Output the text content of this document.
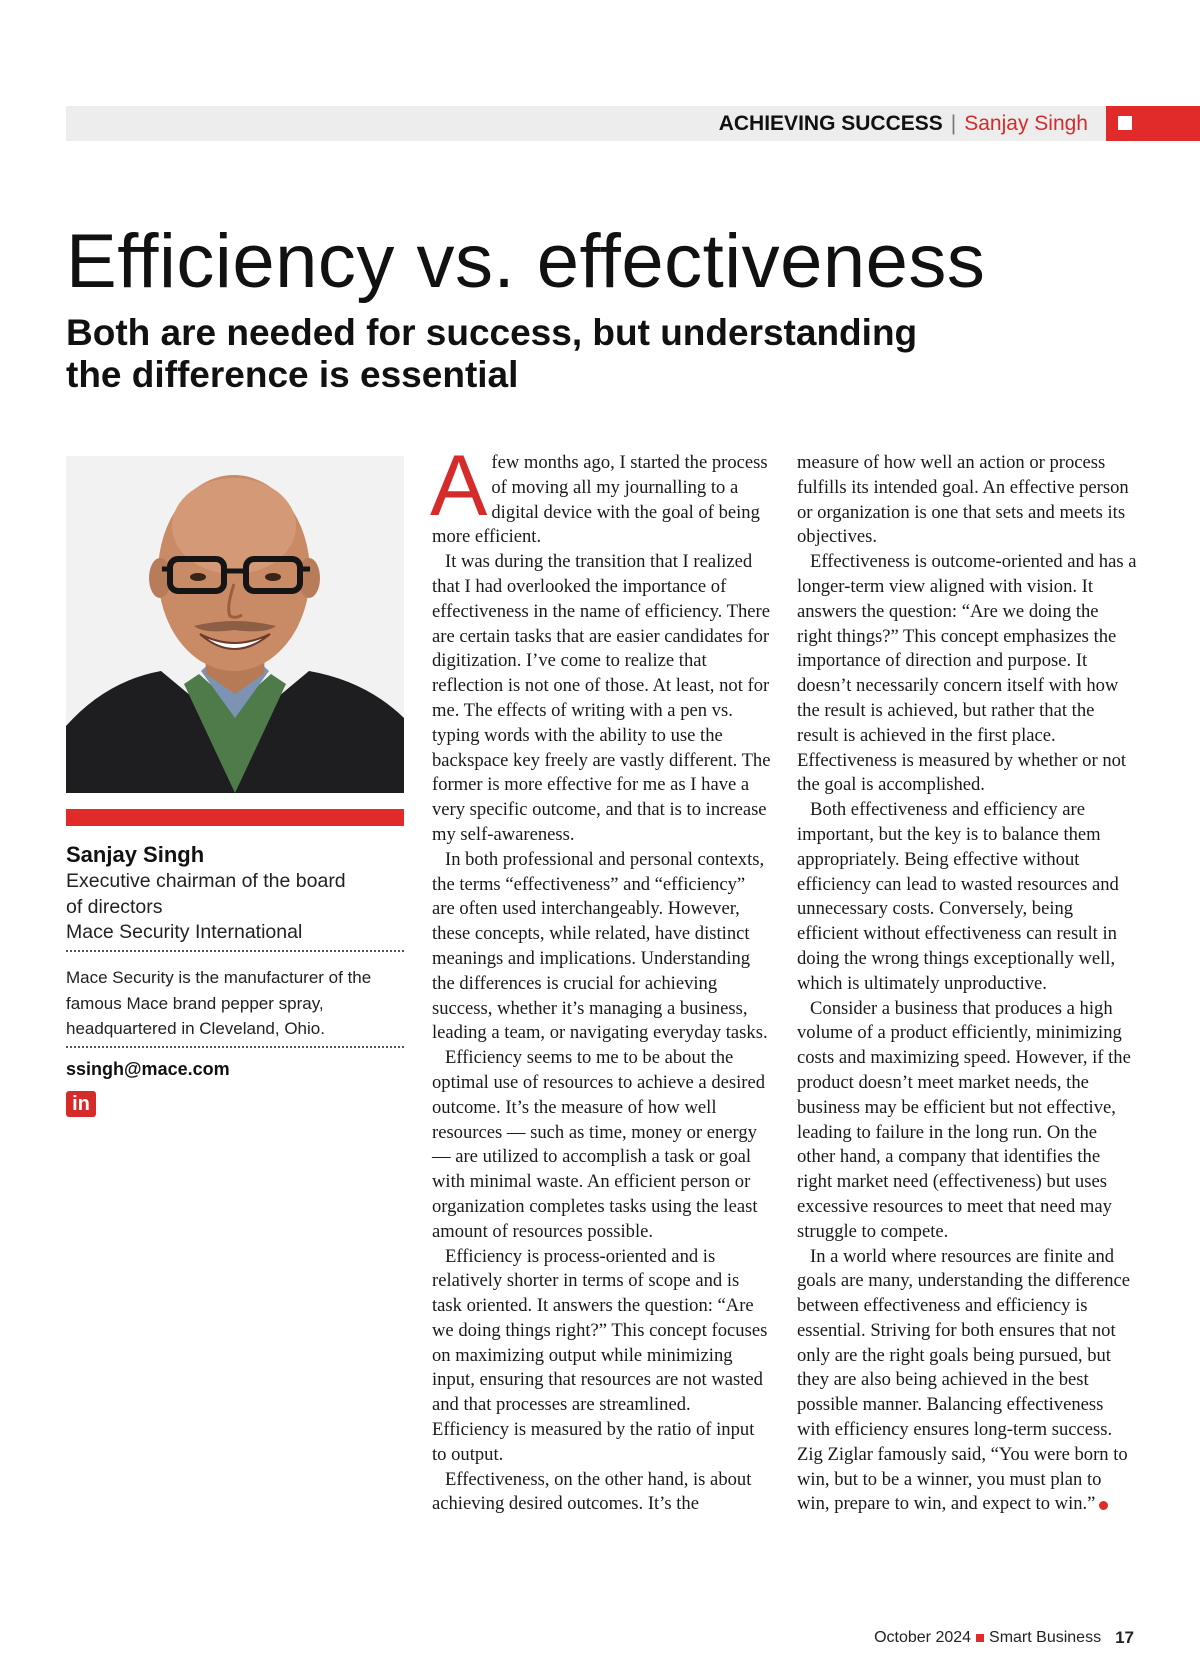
ACHIEVING SUCCESS | Sanjay Singh
Efficiency vs. effectiveness
Both are needed for success, but understanding the difference is essential
Sanjay Singh
Executive chairman of the board
of directors
Mace Security International
Mace Security is the manufacturer of the famous Mace brand pepper spray, headquartered in Cleveland, Ohio.
ssingh@mace.com
in

Afew months ago, I started the process of moving all my journalling to a digital device with the goal of being more efficient.

It was during the transition that I realized that I had overlooked the importance of effectiveness in the name of efficiency. There are certain tasks that are easier candidates for digitization. I’ve come to realize that reflection is not one of those. At least, not for me. The effects of writing with a pen vs. typing words with the ability to use the backspace key freely are vastly different. The former is more effective for me as I have a very specific outcome, and that is to increase my self-awareness.

In both professional and personal contexts, the terms “effectiveness” and “efficiency” are often used interchangeably. However, these concepts, while related, have distinct meanings and implications. Understanding the differences is crucial for achieving success, whether it’s managing a business, leading a team, or navigating everyday tasks.

Efficiency seems to me to be about the optimal use of resources to achieve a desired outcome. It’s the measure of how well resources — such as time, money or energy — are utilized to accomplish a task or goal with minimal waste. An efficient person or organization completes tasks using the least amount of resources possible.

Efficiency is process-oriented and is relatively shorter in terms of scope and is task oriented. It answers the question: “Are we doing things right?” This concept focuses on maximizing output while minimizing input, ensuring that resources are not wasted and that processes are streamlined. Efficiency is measured by the ratio of input to output.

Effectiveness, on the other hand, is about achieving desired outcomes. It’s the

measure of how well an action or process fulfills its intended goal. An effective person or organization is one that sets and meets its objectives.

Effectiveness is outcome-oriented and has a longer-term view aligned with vision. It answers the question: “Are we doing the right things?” This concept emphasizes the importance of direction and purpose. It doesn’t necessarily concern itself with how the result is achieved, but rather that the result is achieved in the first place. Effectiveness is measured by whether or not the goal is accomplished.

Both effectiveness and efficiency are important, but the key is to balance them appropriately. Being effective without efficiency can lead to wasted resources and unnecessary costs. Conversely, being efficient without effectiveness can result in doing the wrong things exceptionally well, which is ultimately unproductive.

Consider a business that produces a high volume of a product efficiently, minimizing costs and maximizing speed. However, if the product doesn’t meet market needs, the business may be efficient but not effective, leading to failure in the long run. On the other hand, a company that identifies the right market need (effectiveness) but uses excessive resources to meet that need may struggle to compete.

In a world where resources are finite and goals are many, understanding the difference between effectiveness and efficiency is essential. Striving for both ensures that not only are the right goals being pursued, but they are also being achieved in the best possible manner. Balancing effectiveness with efficiency ensures long-term success. Zig Ziglar famously said, “You were born to win, but to be a winner, you must plan to win, prepare to win, and expect to win.”

October 2024 Smart Business 17
